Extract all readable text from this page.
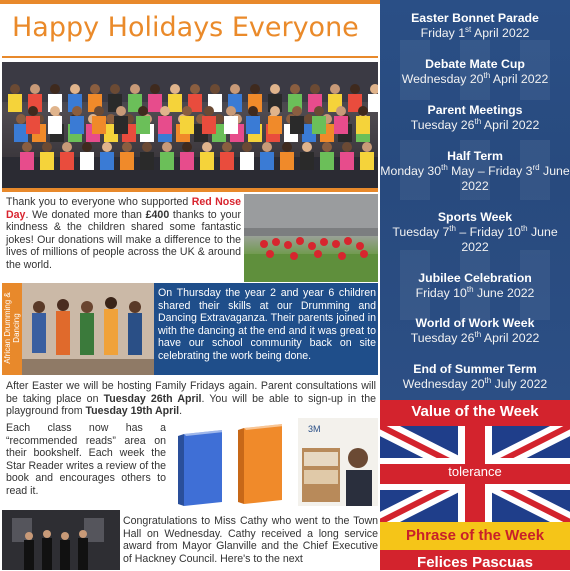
Happy Holidays Everyone
Thank you to everyone who supported Red Nose Day. We donated more than £400 thanks to your kindness & the children shared some fantastic jokes! Our donations will make a difference to the lives of millions of people across the UK & around the world.
African Drumming & Dancing
On Thursday the year 2 and year 6 children shared their skills at our Drumming and Dancing Extravaganza. Their parents joined in with the dancing at the end and it was great to have our school community back on site celebrating the work being done.
After Easter we will be hosting Family Fridays again. Parent consultations will be taking place on Tuesday 26th April. You will be able to sign-up in the playground from Tuesday 19th April.
Each class now has a “recommended reads” area on their bookshelf. Each week the Star Reader writes a review of the book and encourages others to read it.
3M
Congratulations to Miss Cathy who went to the Town Hall on Wednesday. Cathy received a long service award from Mayor Glanville and the Chief Executive of Hackney Council. Here's to the next
Easter Bonnet Parade
Friday 1st April 2022
Debate Mate Cup
Wednesday 20th April 2022
Parent Meetings
Tuesday 26th April 2022
Half Term
Monday 30th May – Friday 3rd June 2022
Sports Week
Tuesday 7th – Friday 10th June 2022
Jubilee Celebration
Friday 10th June 2022
World of Work Week
Tuesday 26th April 2022
End of Summer Term
Wednesday 20th July 2022
Value of the Week
tolerance
Phrase of the Week
Felices Pascuas
